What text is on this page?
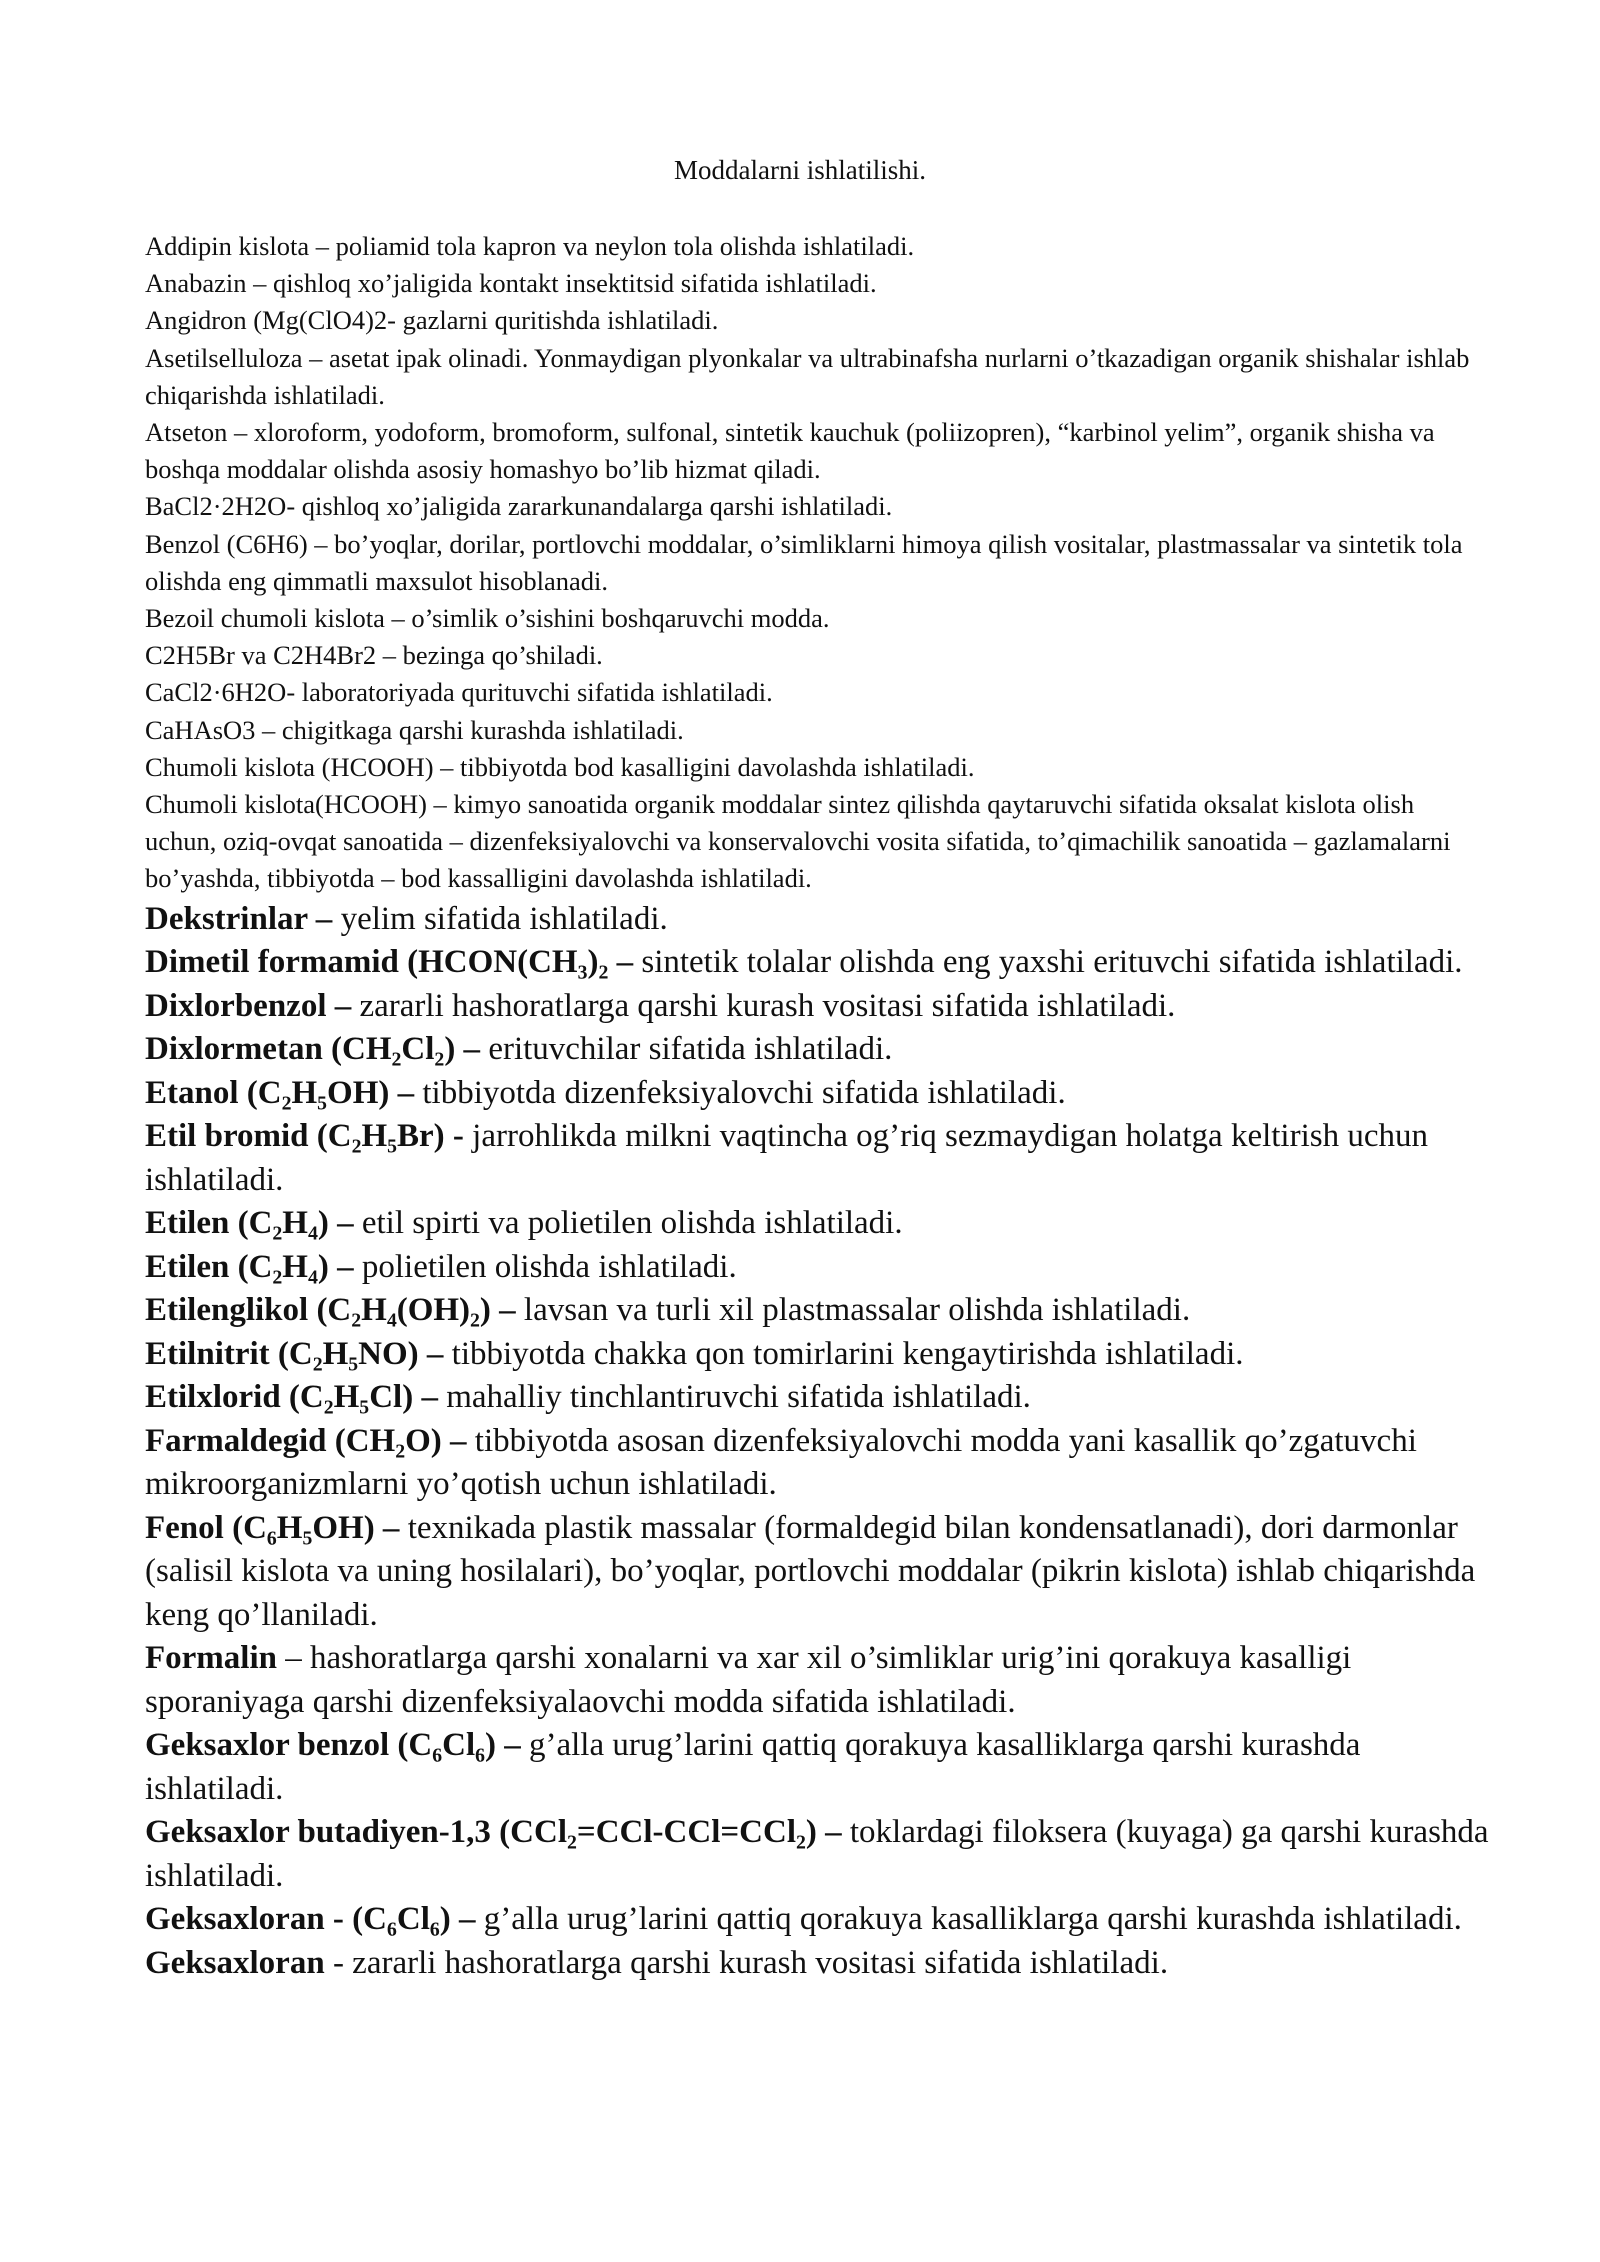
Moddalarni ishlatilishi.

Addipin kislota – poliamid tola kapron va neylon tola olishda ishlatiladi.

Anabazin – qishloq xo’jaligida kontakt insektitsid sifatida ishlatiladi.

Angidron (Mg(ClO4)2- gazlarni quritishda ishlatiladi.

Asetilselluloza – asetat ipak olinadi. Yonmaydigan plyonkalar va ultrabinafsha nurlarni o’tkazadigan organik shishalar ishlab chiqarishda ishlatiladi.

Atseton – xloroform, yodoform, bromoform, sulfonal, sintetik kauchuk (poliizopren), “karbinol yelim”, organik shisha va boshqa moddalar olishda asosiy homashyo bo’lib hizmat qiladi.

BaCl2·2H2O- qishloq xo’jaligida zararkunandalarga qarshi ishlatiladi.

Benzol (C6H6) – bo’yoqlar, dorilar, portlovchi moddalar, o’simliklarni himoya qilish vositalar, plastmassalar va sintetik tola olishda eng qimmatli maxsulot hisoblanadi.

Bezoil chumoli kislota – o’simlik o’sishini boshqaruvchi modda.

C2H5Br va C2H4Br2 – bezinga qo’shiladi.

CaCl2·6H2O- laboratoriyada qurituvchi sifatida ishlatiladi.

CaHAsO3 – chigitkaga qarshi kurashda ishlatiladi.

Chumoli kislota (HCOOH) – tibbiyotda bod kasalligini davolashda ishlatiladi.

Chumoli kislota(HCOOH) – kimyo sanoatida organik moddalar sintez qilishda qaytaruvchi sifatida oksalat kislota olish uchun, oziq-ovqat sanoatida – dizenfeksiyalovchi va konservalovchi vosita sifatida, to’qimachilik sanoatida – gazlamalarni bo’yashda, tibbiyotda – bod kassalligini davolashda ishlatiladi.

Dekstrinlar – yelim sifatida ishlatiladi.

Dimetil formamid (HCON(CH₃)₂ – sintetik tolalar olishda eng yaxshi erituvchi sifatida ishlatiladi.

Dixlorbenzol – zararli hashoratlarga qarshi kurash vositasi sifatida ishlatiladi.

Dixlormetan (CH₂Cl₂) – erituvchilar sifatida ishlatiladi.

Etanol (C₂H₅OH) – tibbiyotda dizenfeksiyalovchi sifatida ishlatiladi.

Etil bromid (C₂H₅Br) - jarrohlikda milkni vaqtincha og’riq sezmaydigan holatga keltirish uchun ishlatiladi.

Etilen (C₂H₄) – etil spirti va polietilen olishda ishlatiladi.

Etilen (C₂H₄) – polietilen olishda ishlatiladi.

Etilenglikol (C₂H₄(OH)₂) – lavsan va turli xil plastmassalar olishda ishlatiladi.

Etilnitrit (C₂H₅NO) – tibbiyotda chakka qon tomirlarini kengaytirishda ishlatiladi.

Etilxlorid (C₂H₅Cl) – mahalliy tinchlantiruvchi sifatida ishlatiladi.

Farmaldegid (CH₂O) – tibbiyotda asosan dizenfeksiyalovchi modda yani kasallik qo’zgatuvchi mikroorganizmlarni yo’qotish uchun ishlatiladi.

Fenol (C₆H₅OH) – texnikada plastik massalar (formaldegid bilan kondensatlanadi), dori darmonlar (salisil kislota va uning hosilalari), bo’yoqlar, portlovchi moddalar (pikrin kislota) ishlab chiqarishda keng qo’llaniladi.

Formalin – hashoratlarga qarshi xonalarni va xar xil o’simliklar urig’ini qorakuya kasalligi sporaniyaga qarshi dizenfeksiyalaovchi modda sifatida ishlatiladi.

Geksaxlor benzol (C₆Cl₆) – g’alla urug’larini qattiq qorakuya kasalliklarga qarshi kurashda ishlatiladi.

Geksaxlor butadiyen-1,3 (CCl₂=CCl-CCl=CCl₂) – toklardagi filoksera (kuyaga) ga qarshi kurashda ishlatiladi.

Geksaxloran - (C₆Cl₆) – g’alla urug’larini qattiq qorakuya kasalliklarga qarshi kurashda ishlatiladi.

Geksaxloran - zararli hashoratlarga qarshi kurash vositasi sifatida ishlatiladi.
